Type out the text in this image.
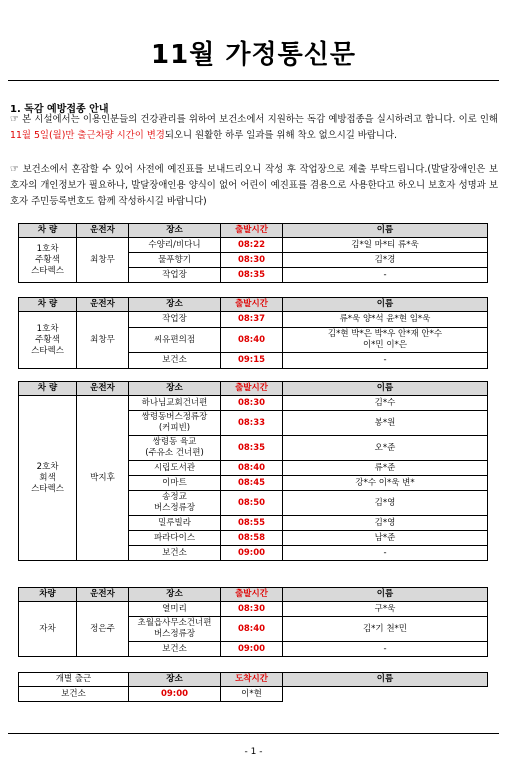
11월 가정통신문
1. 독감 예방접종 안내
☞ 본 시설에서는 이용인분들의 건강관리를 위하여 보건소에서 지원하는 독감 예방접종을 실시하려고 합니다. 이로 인해 11월 5일(월)만 출근차량 시간이 변경되오니 원활한 하루 일과를 위해 착오 없으시길 바랍니다.
☞ 보건소에서 혼잡할 수 있어 사전에 예진표를 보내드리오니 작성 후 작업장으로 제출 부탁드립니다.(발달장애인은 보호자의 개인정보가 필요하나, 발달장애인용 양식이 없어 어린이 예진표를 겸용으로 사용한다고 하오니 보호자 성명과 보호자 주민등록번호도 함께 작성하시길 바랍니다)
차 량	운전자	장소	출발시간	이름
1호차
주황색
스타렉스	최창무	수양리/비다니	08:22	김*일 마*티 류*욱
		물푸향기	08:30	김*경
		작업장	08:35	-
차 량	운전자	장소	출발시간	이름
1호차
주황색
스타렉스	최창무	작업장	08:37	류*욱 양*석 윤*현 임*욱
		씨유편의점	08:40	김*현 박*은 박*우 안*재 안*수
이*민 이*은
		보건소	09:15	-
차 량	운전자	장소	출발시간	이름
2호차
회색
스타렉스	박지후	하나님교회건너편	08:30	김*수
		쌍령동버스정류장
(커피빈)	08:33	봉*원
		쌍령동 육교
(주유소 건너편)	08:35	오*준
		시립도서관	08:40	류*준
		이마트	08:45	강*수 이*욱 변*
		송정교
버스정류장	08:50	김*영
		밀루빌라	08:55	김*영
		파라다이스	08:58	남*준
		보건소	09:00	-
차량	운전자	장소	출발시간	이름
자차	정은주	열미리	08:30	구*욱
		초월읍사무소건너편
버스정류장	08:40	김*기 천*민
		보건소	09:00	-
개별 출근	장소	도착시간	이름
보건소	09:00	이*현	
- 1 -
